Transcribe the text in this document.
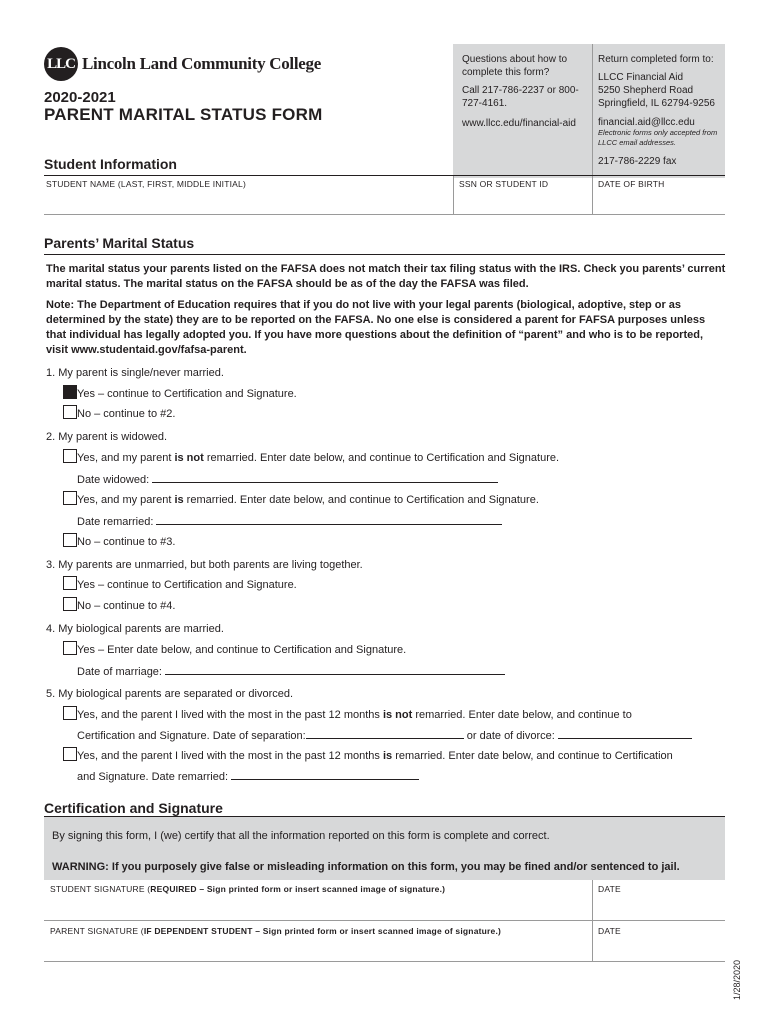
LLC Lincoln Land Community College
2020-2021
PARENT MARITAL STATUS FORM
Questions about how to complete this form?
Call 217-786-2237 or 800-727-4161.
www.llcc.edu/financial-aid
Return completed form to:
LLCC Financial Aid
5250 Shepherd Road
Springfield, IL 62794-9256
financial.aid@llcc.edu
Electronic forms only accepted from LLCC email addresses.
217-786-2229 fax
Student Information
STUDENT NAME (LAST, FIRST, MIDDLE INITIAL)	SSN OR STUDENT ID	DATE OF BIRTH
Parents’ Marital Status
The marital status your parents listed on the FAFSA does not match their tax filing status with the IRS. Check you parents’ current marital status. The marital status on the FAFSA should be as of the day the FAFSA was filed.
Note: The Department of Education requires that if you do not live with your legal parents (biological, adoptive, step or as determined by the state) they are to be reported on the FAFSA. No one else is considered a parent for FAFSA purposes unless that individual has legally adopted you. If you have more questions about the definition of “parent” and who is to be reported, visit www.studentaid.gov/fafsa-parent.
1. My parent is single/never married.
Yes – continue to Certification and Signature.
No – continue to #2.
2. My parent is widowed.
Yes, and my parent is not remarried. Enter date below, and continue to Certification and Signature.
Date widowed:
Yes, and my parent is remarried. Enter date below, and continue to Certification and Signature.
Date remarried:
No – continue to #3.
3. My parents are unmarried, but both parents are living together.
Yes – continue to Certification and Signature.
No – continue to #4.
4. My biological parents are married.
Yes – Enter date below, and continue to Certification and Signature.
Date of marriage:
5. My biological parents are separated or divorced.
Yes, and the parent I lived with the most in the past 12 months is not remarried. Enter date below, and continue to
Certification and Signature. Date of separation:	or date of divorce:
Yes, and the parent I lived with the most in the past 12 months is remarried. Enter date below, and continue to Certification
and Signature. Date remarried:
Certification and Signature
By signing this form, I (we) certify that all the information reported on this form is complete and correct.
WARNING: If you purposely give false or misleading information on this form, you may be fined and/or sentenced to jail.
STUDENT SIGNATURE (REQUIRED – Sign printed form or insert scanned image of signature.)	DATE
PARENT SIGNATURE (IF DEPENDENT STUDENT – Sign printed form or insert scanned image of signature.)	DATE
1/28/2020
